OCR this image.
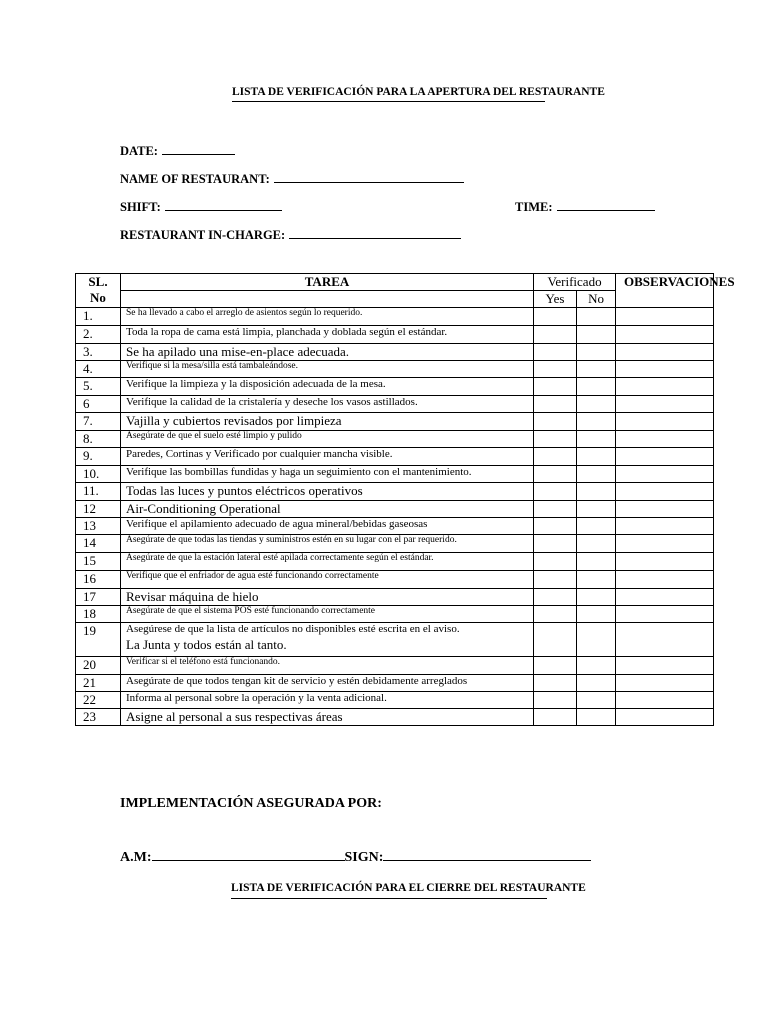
LISTA DE VERIFICACIÓN PARA LA APERTURA DEL RESTAURANTE
DATE:
NAME OF RESTAURANT:
SHIFT:	TIME:
RESTAURANT IN-CHARGE:
SL.
No	TAREA	Verificado		OBSERVACIONES
		Yes	No	
1.	Se ha llevado a cabo el arreglo de asientos según lo requerido.			

2.	Toda la ropa de cama está limpia, planchada y doblada según el estándar.			

3.	Se ha apilado una mise-en-place adecuada.			

4.	Verifique si la mesa/silla está tambaleándose.			

5.	Verifique la limpieza y la disposición adecuada de la mesa.			

6	Verifique la calidad de la cristalería y deseche los vasos astillados.			

7.	Vajilla y cubiertos revisados por limpieza			

8.	Asegúrate de que el suelo esté limpio y pulido			

9.	Paredes, Cortinas y Verificado por cualquier mancha visible.			

10.	Verifique las bombillas fundidas y haga un seguimiento con el mantenimiento.			

11.	Todas las luces y puntos eléctricos operativos			

12	Air-Conditioning Operational			

13	Verifique el apilamiento adecuado de agua mineral/bebidas gaseosas			

14	Asegúrate de que todas las tiendas y suministros estén en su lugar con el par requerido.			

15	Asegúrate de que la estación lateral esté apilada correctamente según el estándar.			

16	Verifique que el enfriador de agua esté funcionando correctamente			

17	Revisar máquina de hielo			

18	Asegúrate de que el sistema POS esté funcionando correctamente			

19	Asegúrese de que la lista de artículos no disponibles esté escrita en el aviso.
La Junta y todos están al tanto.			

20	Verificar si el teléfono está funcionando.			

21	Asegúrate de que todos tengan kit de servicio y estén debidamente arreglados			

22	Informa al personal sobre la operación y la venta adicional.			

23	Asigne al personal a sus respectivas áreas			

IMPLEMENTACIÓN ASEGURADA POR:
A.M:	SIGN:
LISTA DE VERIFICACIÓN PARA EL CIERRE DEL RESTAURANTE
